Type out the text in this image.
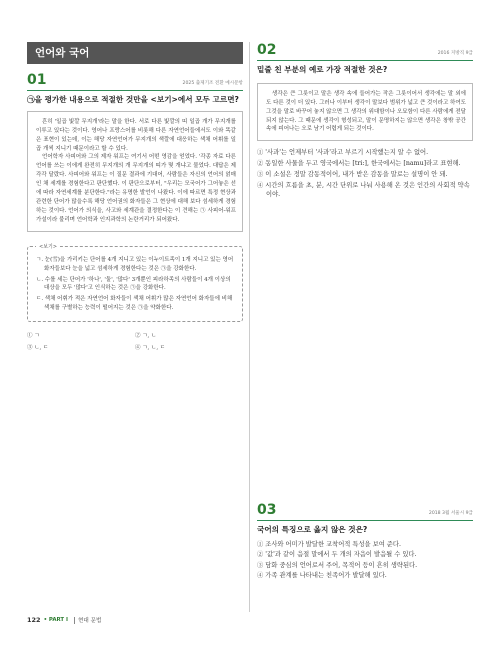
언어와 국어
01	2025 출제기조 전환 예시문항
㉠을 평가한 내용으로 적절한 것만을 <보기>에서 모두 고르면?

흔히 '일곱 빛깔 무지개'라는 말을 한다. 서로 다른 빛깔의 띠 일곱 개가 무지개를 이루고 있다는 것이다. 영어나 프랑스어를 비롯해 다른 자연언어들에서도 이와 똑같은 표현이 있는데, 이는 해당 자연언어가 무지개의 색깔에 대응하는 색채 어휘를 일곱 개씩 지니기 때문이라고 할 수 있다.

언어학자 사피어와 그의 제자 워프는 여기서 어떤 영감을 얻었다. '각종 자료 다른 언어를 쓰는 이에게 완전히 무지개의 개 무지개의 띠가 몇 개냐고 물었다. 대답은 제각각 달랐다. 사피어와 워프는 이 질문 결과에 기대어, 사람들은 자신의 언어의 얽매인 채 세계를 경험한다고 판단했다. 이 판단으로부터, "우리는 모국어가 그어놓은 선에 따라 자연세계를 분단한다."라는 유명한 발언이 나왔다. 이에 따르면 특정 현상과 관련한 단어가 많을수록 해당 언어권의 화자들은 그 현상에 대해 보다 섬세하게 경험하는 것이다. 언어가 의식을, 사고와 세계관을 결정한다는 이 견해는 ㉠ 사피어-워프 가설이라 불리며 언어학과 인지과학의 논란거리가 되어왔다.

<보기>
ㄱ. 눈(雪)을 가리키는 단어를 4개 지니고 있는 이누이트족이 1개 지니고 있는 영어 화자들보다 눈을 넓고 섬세하게 경험한다는 것은 ㉠을 강화한다.
ㄴ. 수를 세는 단어가 '하나', '둘', '많다' 3개뿐인 피라하족의 사람들이 4개 이상의 대상을 모두 '많다'고 인식하는 것은 ㉠을 강화한다.
ㄷ. 색채 어휘가 적은 자연언어 화자들이 색채 어휘가 많은 자연언어 화자들에 비해 색채를 구별하는 능력이 떨어지는 것은 ㉠을 약화한다.
① ㄱ	② ㄱ, ㄴ
③ ㄴ, ㄷ	④ ㄱ, ㄴ, ㄷ
02	2016 지방직 9급
밑줄 친 부분의 예로 가장 적절한 것은?

생각은 큰 그릇이고 말은 생각 속에 들어가는 작은 그릇이어서 생각에는 말 외에도 다른 것이 더 있다. 그러나 이부터 생각이 말보다 범위가 넓고 큰 것이라고 하여도 그것을 말로 바꾸어 놓지 않으면 그 생각의 위대함이나 오묘함이 다른 사람에게 전달되지 않는다. 그 때문에 생각이 형성되고, 말이 문명하지는 않으면 생각은 창밖 공간 속에 피어나는 오로 남기 어렵게 되는 것이다.

① '사과'는 언제부터 '사과'라고 부르기 시작했는지 알 수 없어.
② 동일한 사물을 두고 영국에서는 [tri:], 한국에서는 [namu]라고 표현해.
③ 이 소설은 정말 감동적이어, 내가 받은 감동을 말로는 설명이 안 돼.
④ 시간의 흐름을 초, 분, 시간 단위로 나눠 사용해 온 것은 인간의 사회적 약속이야.
03	2018 3월 서울시 9급
국어의 특징으로 옳지 않은 것은?
① 조사와 어미가 발달한 교착어적 특성을 보여 준다.
② '값'과 같이 음절 말에서 두 개의 자음이 발음될 수 있다.
③ 담화 중심의 언어로서 주어, 목적어 등이 흔히 생략된다.
④ 가족 관계를 나타내는 친족어가 발달해 있다.
122 • PART Ⅰ 현대 문법
